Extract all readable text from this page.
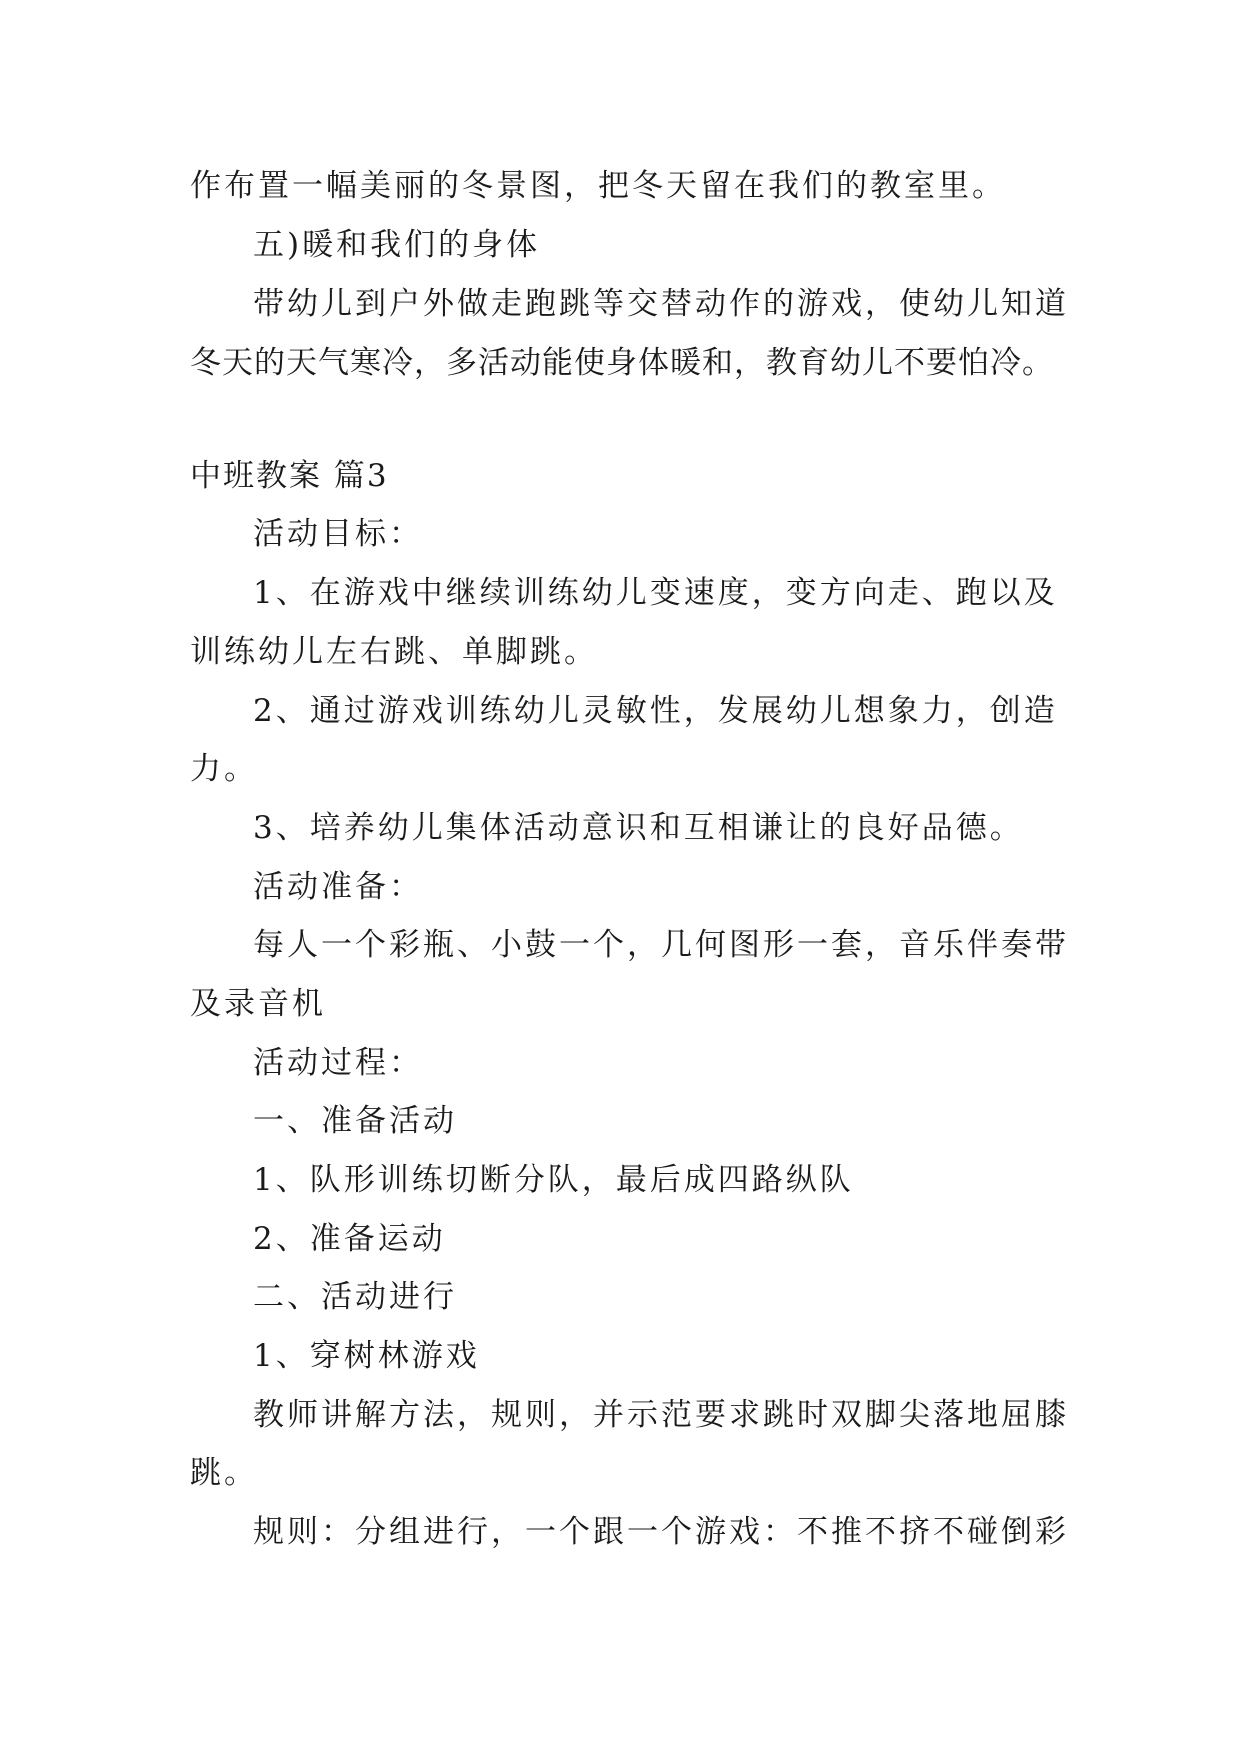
作布置一幅美丽的冬景图，把冬天留在我们的教室里。
五)暖和我们的身体
带幼儿到户外做走跑跳等交替动作的游戏，使幼儿知道
冬天的天气寒冷，多活动能使身体暖和，教育幼儿不要怕冷。
中班教案 篇3
活动目标：
1、在游戏中继续训练幼儿变速度，变方向走、跑以及
训练幼儿左右跳、单脚跳。
2、通过游戏训练幼儿灵敏性，发展幼儿想象力，创造
力。
3、培养幼儿集体活动意识和互相谦让的良好品德。
活动准备：
每人一个彩瓶、小鼓一个，几何图形一套，音乐伴奏带
及录音机
活动过程：
一、准备活动
1、队形训练切断分队，最后成四路纵队
2、准备运动
二、活动进行
1、穿树林游戏
教师讲解方法，规则，并示范要求跳时双脚尖落地屈膝
跳。
规则：分组进行，一个跟一个游戏：不推不挤不碰倒彩
